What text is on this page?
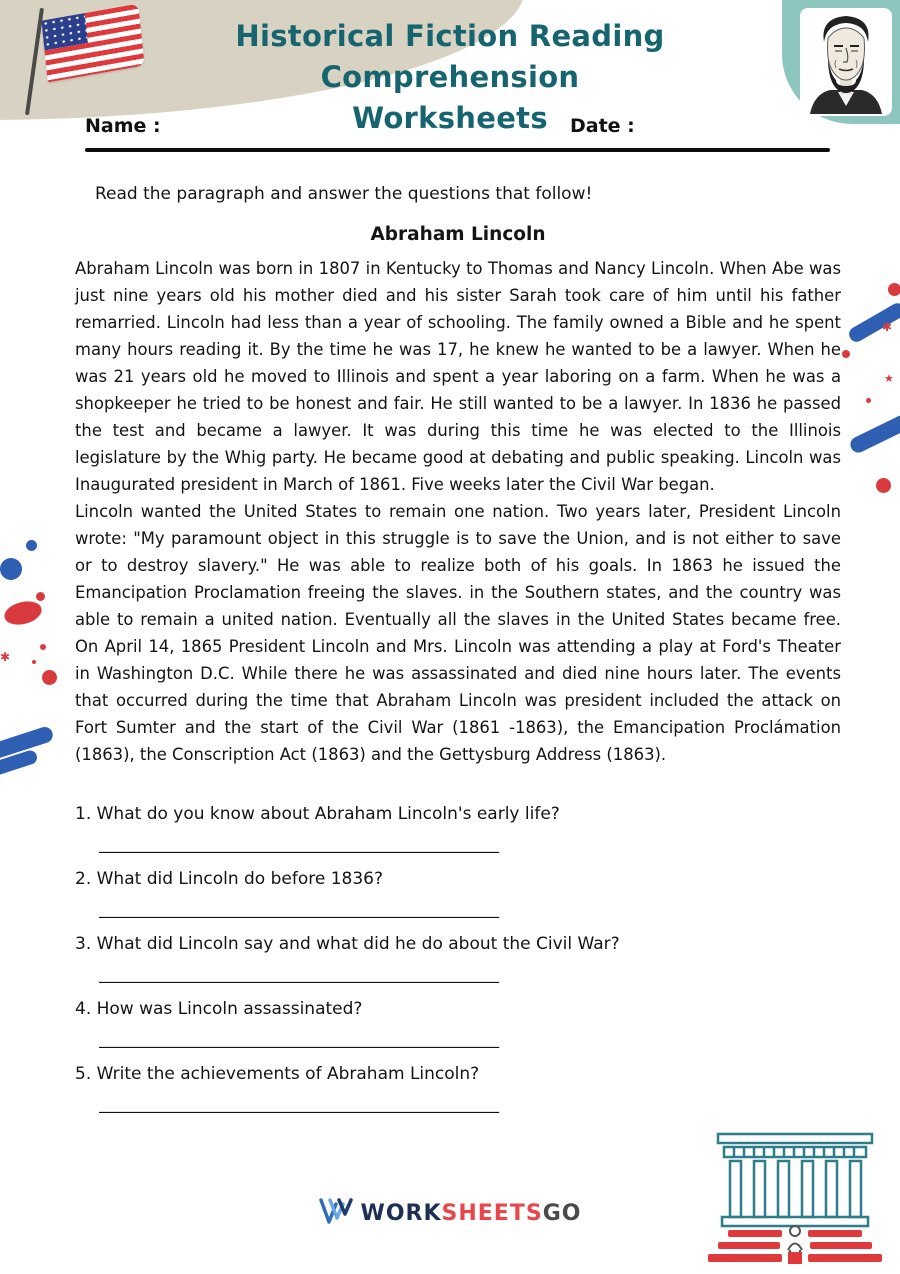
Historical Fiction Reading Comprehension
Worksheets
Name :	Date :

Read the paragraph and answer the questions that follow!

Abraham Lincoln

Abraham Lincoln was born in 1807 in Kentucky to Thomas and Nancy Lincoln. When Abe was just nine years old his mother died and his sister Sarah took care of him until his father remarried. Lincoln had less than a year of schooling. The family owned a Bible and he spent many hours reading it. By the time he was 17, he knew he wanted to be a lawyer. When he was 21 years old he moved to Illinois and spent a year laboring on a farm. When he was a shopkeeper he tried to be honest and fair. He still wanted to be a lawyer. In 1836 he passed the test and became a lawyer. It was during this time he was elected to the Illinois legislature by the Whig party. He became good at debating and public speaking. Lincoln was Inaugurated president in March of 1861. Five weeks later the Civil War began.

Lincoln wanted the United States to remain one nation. Two years later, President Lincoln wrote: "My paramount object in this struggle is to save the Union, and is not either to save or to destroy slavery." He was able to realize both of his goals. In 1863 he issued the Emancipation Proclamation freeing the slaves. in the Southern states, and the country was able to remain a united nation. Eventually all the slaves in the United States became free. On April 14, 1865 President Lincoln and Mrs. Lincoln was attending a play at Ford's Theater in Washington D.C. While there he was assassinated and died nine hours later. The events that occurred during the time that Abraham Lincoln was president included the attack on Fort Sumter and the start of the Civil War (1861 -1863), the Emancipation Proclámation (1863), the Conscription Act (1863) and the Gettysburg Address (1863).

1. What do you know about Abraham Lincoln's early life?
__________________________________________________
2. What did Lincoln do before 1836?
__________________________________________________
3. What did Lincoln say and what did he do about the Civil War?
__________________________________________________
4. How was Lincoln assassinated?
__________________________________________________
5. Write the achievements of Abraham Lincoln?
__________________________________________________
✱
✱
★
WORKSHEETSGO
